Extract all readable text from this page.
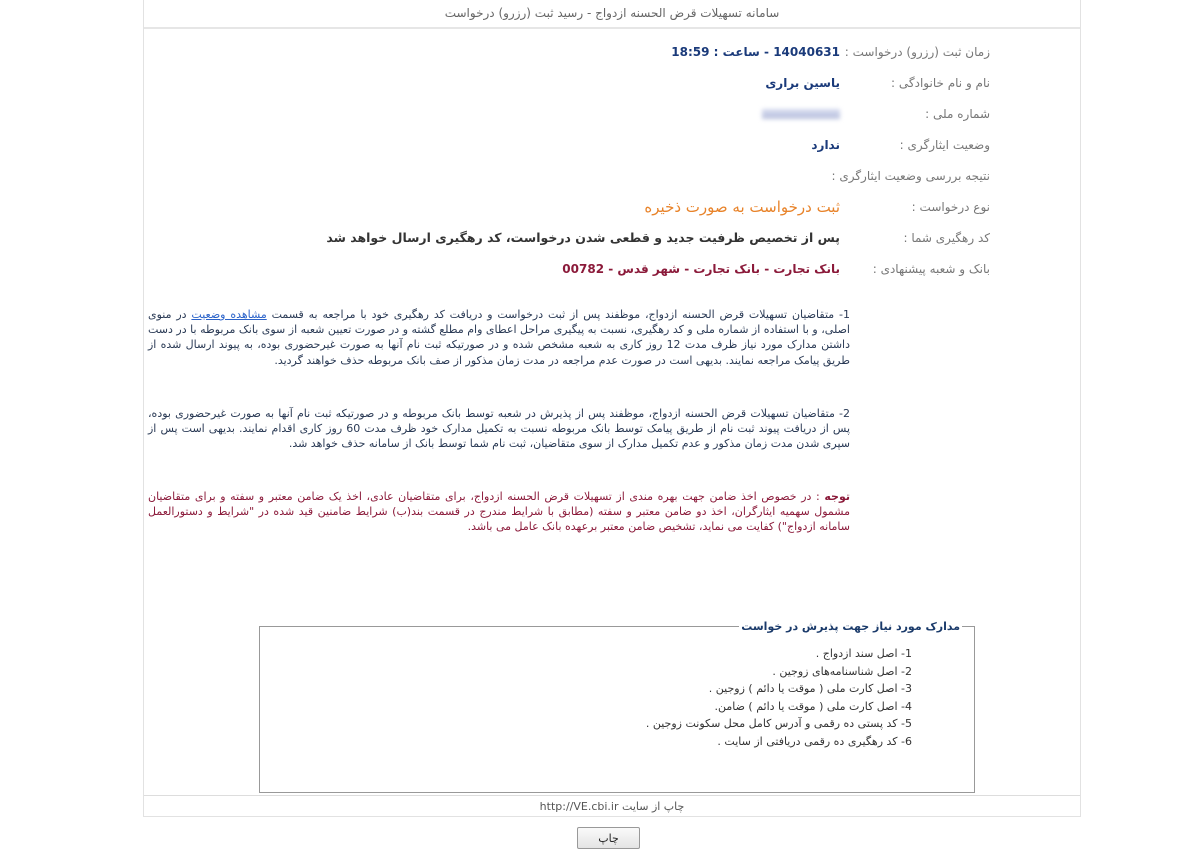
سامانه تسهیلات قرض الحسنه ازدواج - رسید ثبت (رزرو) درخواست
زمان ثبت (رزرو) درخواست :
14040631 - ساعت : 18:59
نام و نام خانوادگی :
یاسین براری
شماره ملی :
وضعیت ایثارگری :
ندارد
نتیجه بررسی وضعیت ایثارگری :
نوع درخواست :
ثبت درخواست به صورت ذخیره
کد رهگیری شما :
پس از تخصیص ظرفیت جدید و قطعی شدن درخواست، کد رهگیری ارسال خواهد شد
بانک و شعبه پیشنهادی :
بانک تجارت - بانک تجارت - شهر قدس - 00782
1- متقاضیان تسهیلات قرض الحسنه ازدواج، موظفند پس از ثبت درخواست و دریافت کد رهگیری خود با مراجعه به قسمت مشاهده وضعیت در منوی اصلی، و با استفاده از شماره ملی و کد رهگیری، نسبت به پیگیری مراحل اعطای وام مطلع گشته و در صورت تعیین شعبه از سوی بانک مربوطه با در دست داشتن مدارک مورد نیاز ظرف مدت 12 روز کاری به شعبه مشخص شده و در صورتیکه ثبت نام آنها به صورت غیرحضوری بوده، به پیوند ارسال شده از طریق پیامک مراجعه نمایند. بدیهی است در صورت عدم مراجعه در مدت زمان مذکور از صف بانک مربوطه حذف خواهند گردید.
2- متقاضیان تسهیلات قرض الحسنه ازدواج، موظفند پس از پذیرش در شعبه توسط بانک مربوطه و در صورتیکه ثبت نام آنها به صورت غیرحضوری بوده، پس از دریافت پیوند ثبت نام از طریق پیامک توسط بانک مربوطه نسبت به تکمیل مدارک خود ظرف مدت 60 روز کاری اقدام نمایند. بدیهی است پس از سپری شدن مدت زمان مذکور و عدم تکمیل مدارک از سوی متقاضیان، ثبت نام شما توسط بانک از سامانه حذف خواهد شد.
توجه : در خصوص اخذ ضامن جهت بهره مندی از تسهیلات قرض الحسنه ازدواج، برای متقاضیان عادی، اخذ یک ضامن معتبر و سفته و برای متقاضیان مشمول سهمیه ایثارگران، اخذ دو ضامن معتبر و سفته (مطابق با شرایط مندرج در قسمت بند(ب) شرایط ضامنین قید شده در "شرایط و دستورالعمل سامانه ازدواج") کفایت می نماید، تشخیص ضامن معتبر برعهده بانک عامل می باشد.
مدارک مورد نیاز جهت پذیرش در خواست
1- اصل سند ازدواج .
2- اصل شناسنامه‌های زوجین .
3- اصل کارت ملی ( موقت یا دائم ) زوجین .
4- اصل کارت ملی ( موقت یا دائم ) ضامن.
5- کد پستی ده رقمی و آدرس کامل محل سکونت زوجین .
6- کد رهگیری ده رقمی دریافتی از سایت .
چاپ از سایت http://VE.cbi.ir
چاپ
